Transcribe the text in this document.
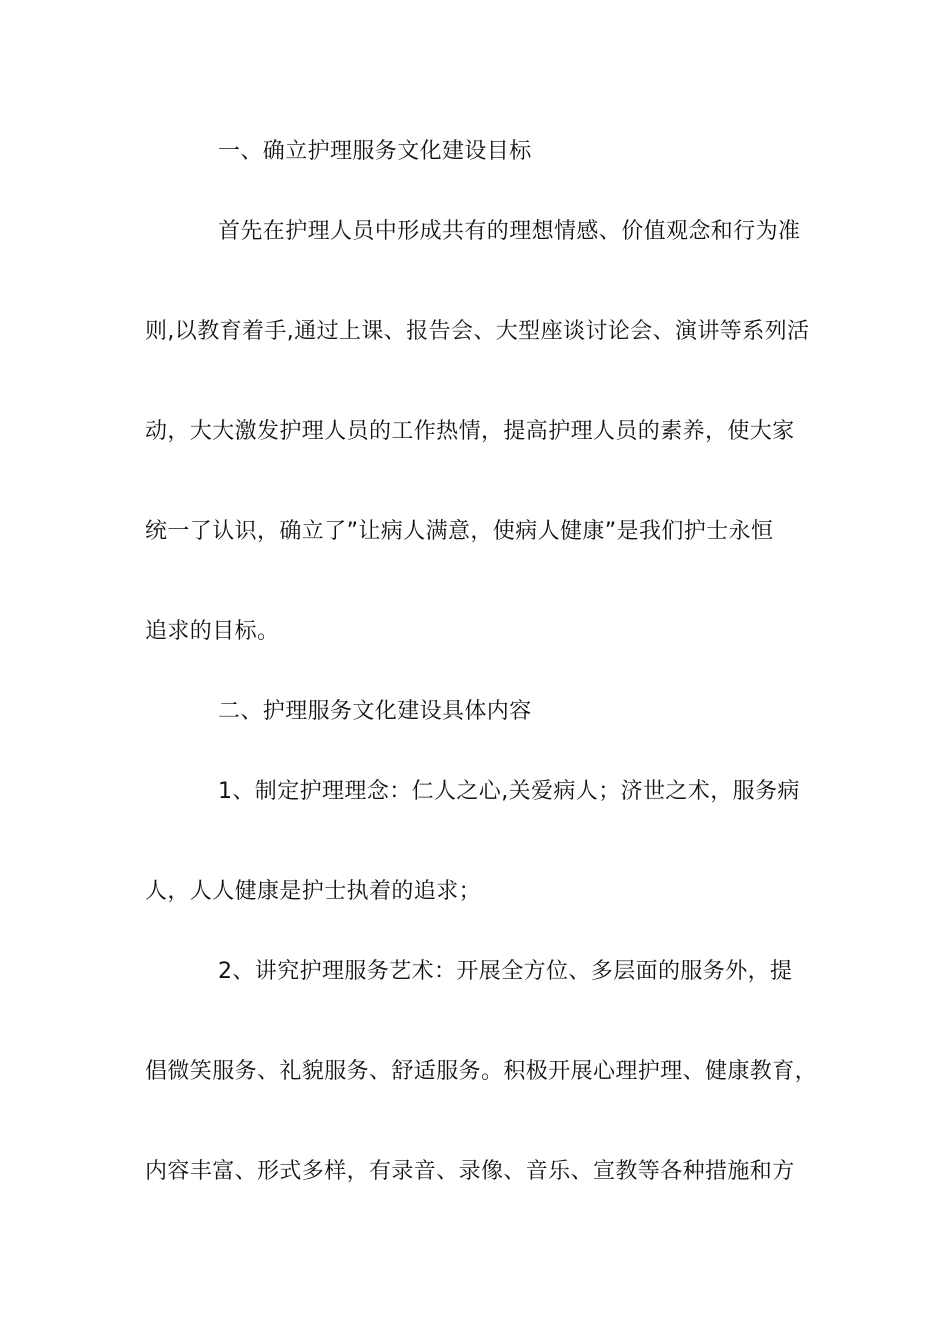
一、确立护理服务文化建设目标
首先在护理人员中形成共有的理想情感、价值观念和行为准
则,以教育着手,通过上课、报告会、大型座谈讨论会、演讲等系列活
动，大大激发护理人员的工作热情，提高护理人员的素养，使大家
统一了认识，确立了”让病人满意，使病人健康”是我们护士永恒
追求的目标。
二、护理服务文化建设具体内容
1、制定护理理念：仁人之心,关爱病人；济世之术，服务病
人，人人健康是护士执着的追求；
2、讲究护理服务艺术：开展全方位、多层面的服务外，提
倡微笑服务、礼貌服务、舒适服务。积极开展心理护理、健康教育，
内容丰富、形式多样，有录音、录像、音乐、宣教等各种措施和方
